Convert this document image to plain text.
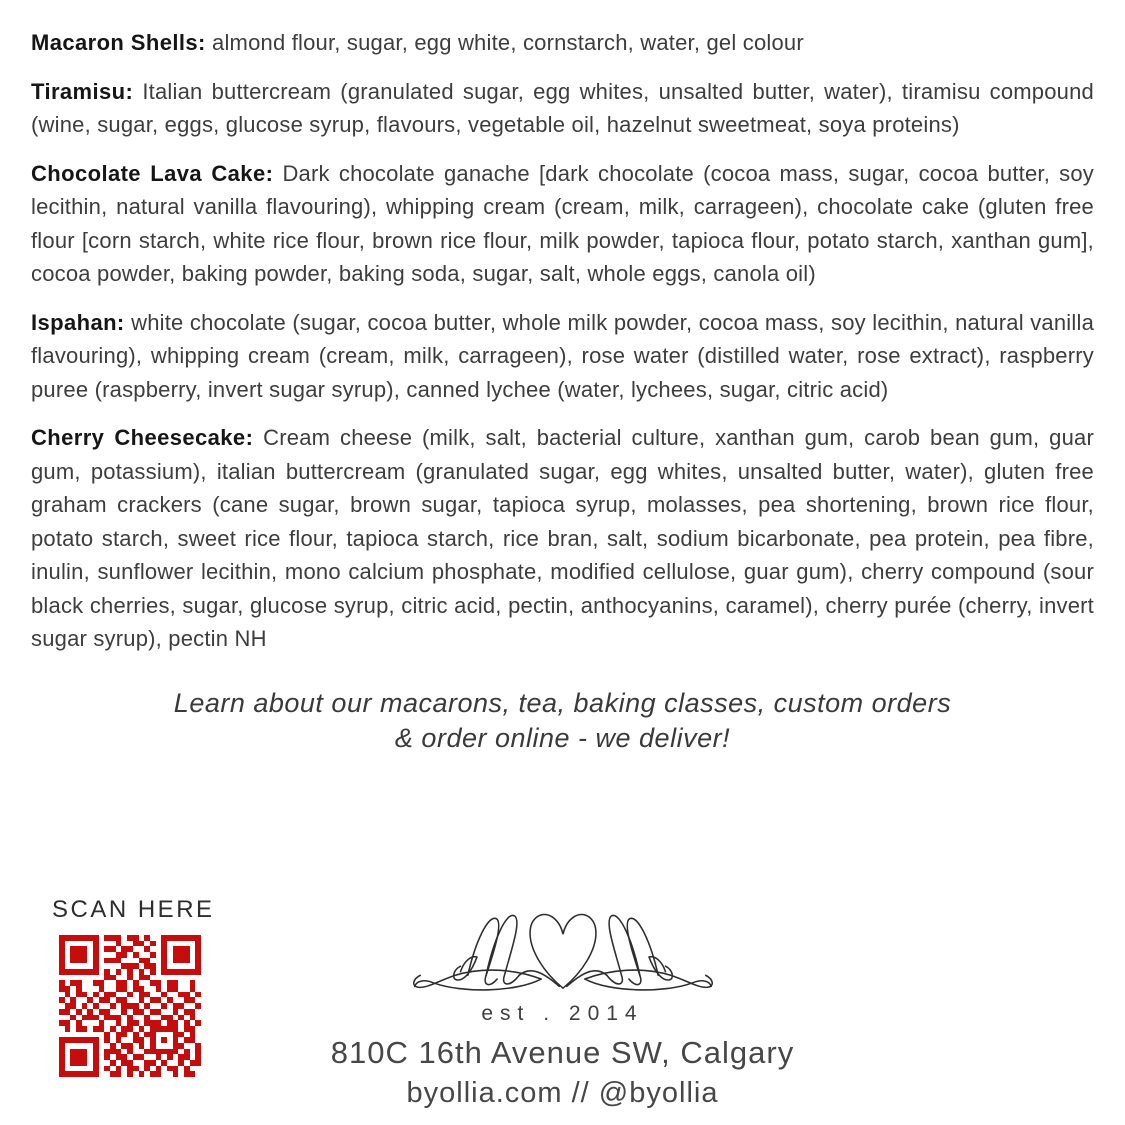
Macaron Shells: almond flour, sugar, egg white, cornstarch, water, gel colour

Tiramisu: Italian buttercream (granulated sugar, egg whites, unsalted butter, water), tiramisu compound (wine, sugar, eggs, glucose syrup, flavours, vegetable oil, hazelnut sweetmeat, soya proteins)

Chocolate Lava Cake: Dark chocolate ganache [dark chocolate (cocoa mass, sugar, cocoa butter, soy lecithin, natural vanilla flavouring), whipping cream (cream, milk, carrageen), chocolate cake (gluten free flour [corn starch, white rice flour, brown rice flour, milk powder, tapioca flour, potato starch, xanthan gum], cocoa powder, baking powder, baking soda, sugar, salt, whole eggs, canola oil)

Ispahan: white chocolate (sugar, cocoa butter, whole milk powder, cocoa mass, soy lecithin, natural vanilla flavouring), whipping cream (cream, milk, carrageen), rose water (distilled water, rose extract), raspberry puree (raspberry, invert sugar syrup), canned lychee (water, lychees, sugar, citric acid)

Cherry Cheesecake: Cream cheese (milk, salt, bacterial culture, xanthan gum, carob bean gum, guar gum, potassium), italian buttercream (granulated sugar, egg whites, unsalted butter, water), gluten free graham crackers (cane sugar, brown sugar, tapioca syrup, molasses, pea shortening, brown rice flour, potato starch, sweet rice flour, tapioca starch, rice bran, salt, sodium bicarbonate, pea protein, pea fibre, inulin, sunflower lecithin, mono calcium phosphate, modified cellulose, guar gum), cherry compound (sour black cherries, sugar, glucose syrup, citric acid, pectin, anthocyanins, caramel), cherry purée (cherry, invert sugar syrup), pectin NH

Learn about our macarons, tea, baking classes, custom orders
& order online - we deliver!
SCAN HERE
est . 2014
810C 16th Avenue SW, Calgary
byollia.com // @byollia
